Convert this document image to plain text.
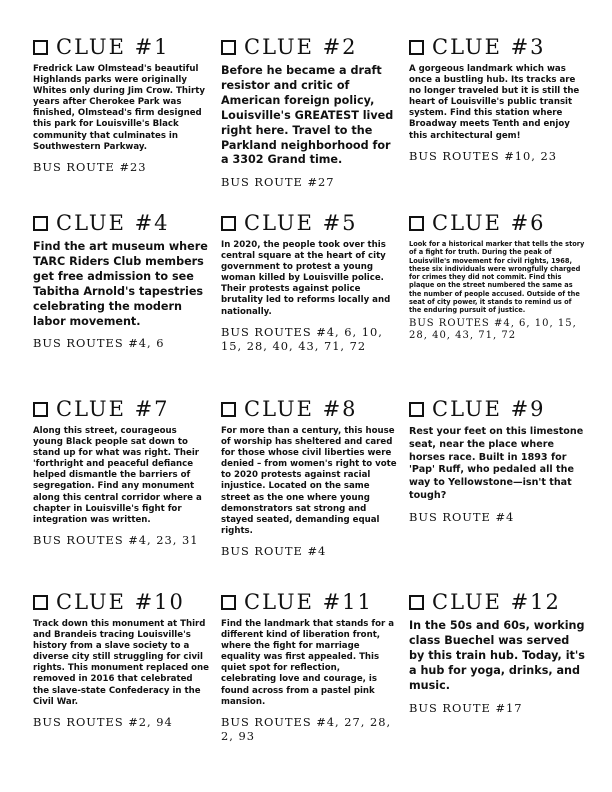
CLUE #1
Fredrick Law Olmstead's beautiful Highlands parks were originally Whites only during Jim Crow. Thirty years after Cherokee Park was finished, Olmstead's firm designed this park for Louisville's Black community that culminates in Southwestern Parkway.
BUS ROUTE #23
CLUE #2
Before he became a draft resistor and critic of American foreign policy, Louisville's GREATEST lived right here. Travel to the Parkland neighborhood for a 3302 Grand time.
BUS ROUTE #27
CLUE #3
A gorgeous landmark which was once a bustling hub. Its tracks are no longer traveled but it is still the heart of Louisville's public transit system. Find this station where Broadway meets Tenth and enjoy this architectural gem!
BUS ROUTES #10, 23
CLUE #4
Find the art museum where TARC Riders Club members get free admission to see Tabitha Arnold's tapestries celebrating the modern labor movement.
BUS ROUTES #4, 6
CLUE #5
In 2020, the people took over this central square at the heart of city government to protest a young woman killed by Louisville police. Their protests against police brutality led to reforms locally and nationally.
BUS ROUTES #4, 6, 10, 15, 28, 40, 43, 71, 72
CLUE #6
Look for a historical marker that tells the story of a fight for truth. During the peak of Louisville's movement for civil rights, 1968, these six individuals were wrongfully charged for crimes they did not commit. Find this plaque on the street numbered the same as the number of people accused. Outside of the seat of city power, it stands to remind us of the enduring pursuit of justice.
BUS ROUTES #4, 6, 10, 15, 28, 40, 43, 71, 72
CLUE #7
Along this street, courageous young Black people sat down to stand up for what was right. Their 'forthright and peaceful defiance helped dismantle the barriers of segregation. Find any monument along this central corridor where a chapter in Louisville's fight for integration was written.
BUS ROUTES #4, 23, 31
CLUE #8
For more than a century, this house of worship has sheltered and cared for those whose civil liberties were denied – from women's right to vote to 2020 protests against racial injustice. Located on the same street as the one where young demonstrators sat strong and stayed seated, demanding equal rights.
BUS ROUTE #4
CLUE #9
Rest your feet on this limestone seat, near the place where horses race. Built in 1893 for 'Pap' Ruff, who pedaled all the way to Yellowstone—isn't that tough?
BUS ROUTE #4
CLUE #10
Track down this monument at Third and Brandeis tracing Louisville's history from a slave society to a diverse city still struggling for civil rights. This monument replaced one removed in 2016 that celebrated the slave-state Confederacy in the Civil War.
BUS ROUTES #2, 94
CLUE #11
Find the landmark that stands for a different kind of liberation front, where the fight for marriage equality was first appealed. This quiet spot for reflection, celebrating love and courage, is found across from a pastel pink mansion.
BUS ROUTES #4, 27, 28, 2, 93
CLUE #12
In the 50s and 60s, working class Buechel was served by this train hub. Today, it's a hub for yoga, drinks, and music.
BUS ROUTE #17
